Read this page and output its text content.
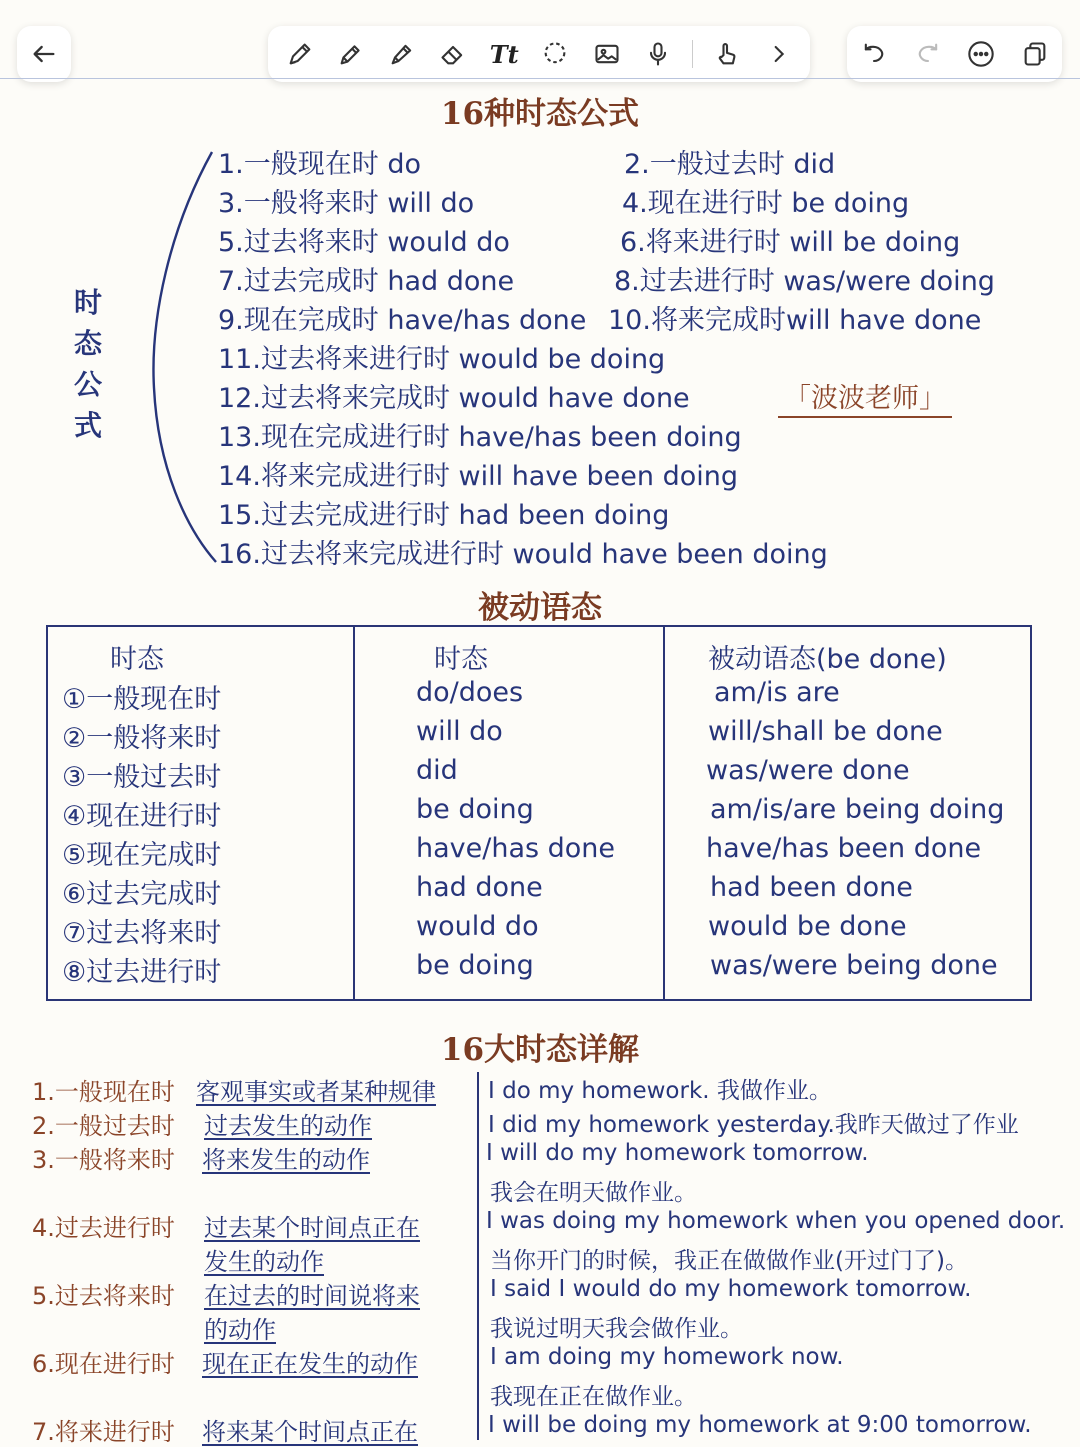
Tt
16种时态公式
时
态
公
式
1.一般现在时 do	2.一般过去时 did
3.一般将来时 will do	4.现在进行时 be doing
5.过去将来时 would do	6.将来进行时 will be doing
7.过去完成时 had done	8.过去进行时 was/were doing
9.现在完成时 have/has done 10.将来完成时will have done
11.过去将来进行时 would be doing
12.过去将来完成时 would have done
13.现在完成进行时 have/has been doing
14.将来完成进行时 will have been doing
15.过去完成进行时 had been doing
16.过去将来完成进行时 would have been doing
「波波老师」
被动语态
时态	时态	被动语态(be done)
①一般现在时	do/does	am/is are
②一般将来时	will do	will/shall be done
③一般过去时	did	was/were done
④现在进行时	be doing	am/is/are being doing
⑤现在完成时	have/has done	have/has been done
⑥过去完成时	had done	had been done
⑦过去将来时	would do	would be done
⑧过去进行时	be doing	was/were being done
16大时态详解
1.一般现在时 客观事实或者某种规律 I do my homework. 我做作业。
2.一般过去时 过去发生的动作	I did my homework yesterday.我昨天做过了作业
3.一般将来时 将来发生的动作	I will do my homework tomorrow.
我会在明天做作业。
4.过去进行时 过去某个时间点正在
发生的动作
I was doing my homework when you opened door.
当你开门的时候，我正在做做作业(开过门了)。
5.过去将来时 在过去的时间说将来
的动作
I said I would do my homework tomorrow.
我说过明天我会做作业。
6.现在进行时 现在正在发生的动作	I am doing my homework now.
我现在正在做作业。
7.将来进行时 将来某个时间点正在	I will be doing my homework at 9:00 tomorrow.
